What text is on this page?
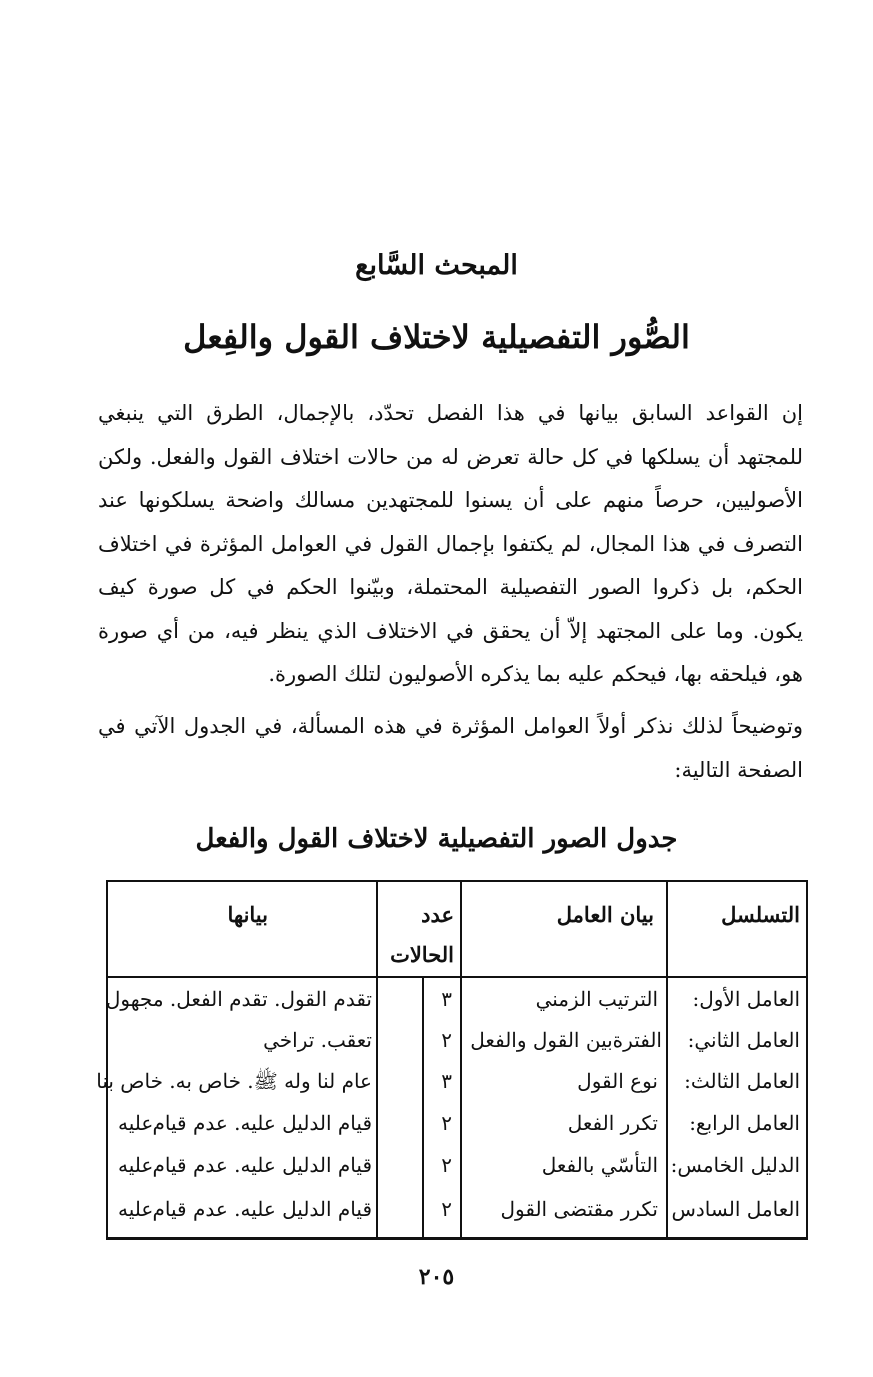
المبحث السَّابع
الصُّور التفصيلية لاختلاف القول والفِعل
إن القواعد السابق بيانها في هذا الفصل تحدّد، بالإجمال، الطرق التي ينبغي للمجتهد أن يسلكها في كل حالة تعرض له من حالات اختلاف القول والفعل. ولكن الأصوليين، حرصاً منهم على أن يسنوا للمجتهدين مسالك واضحة يسلكونها عند التصرف في هذا المجال، لم يكتفوا بإجمال القول في العوامل المؤثرة في اختلاف الحكم، بل ذكروا الصور التفصيلية المحتملة، وبيّنوا الحكم في كل صورة كيف يكون. وما على المجتهد إلاّ أن يحقق في الاختلاف الذي ينظر فيه، من أي صورة هو، فيلحقه بها، فيحكم عليه بما يذكره الأصوليون لتلك الصورة.
وتوضيحاً لذلك نذكر أولاً العوامل المؤثرة في هذه المسألة، في الجدول الآتي في الصفحة التالية:
جدول الصور التفصيلية لاختلاف القول والفعل
التسلسل
بيان العامل
عدد
الحالات
بيانها
العامل الأول:
الترتيب الزمني
٣
تقدم القول. تقدم الفعل. مجهول
العامل الثاني:
الفترةبين القول والفعل
٢
تعقب. تراخي
العامل الثالث:
نوع القول
٣
عام لنا وله ﷺ. خاص به. خاص بنا
العامل الرابع:
تكرر الفعل
٢
قيام الدليل عليه. عدم قيام
عليه
الدليل الخامس:
التأسّي بالفعل
٢
قيام الدليل عليه. عدم قيام
عليه
العامل السادس
تكرر مقتضى القول
٢
قيام الدليل عليه. عدم قيام
عليه
٢٠٥
